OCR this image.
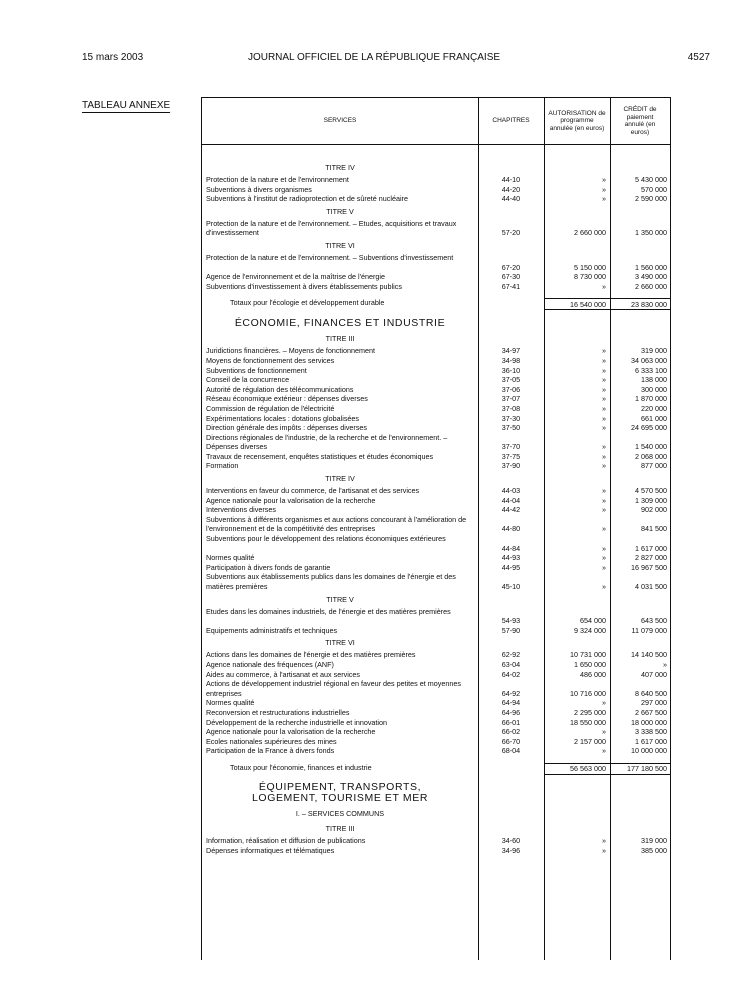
15 mars 2003	JOURNAL OFFICIEL DE LA RÉPUBLIQUE FRANÇAISE	4527
TABLEAU ANNEXE
SERVICES	CHAPITRES
AUTORISATION de programme annulée (en euros)
CRÉDIT de paiement annulé (en euros)
TITRE IV
Protection de la nature et de l'environnement	44-10	»	5 430 000
Subventions à divers organismes	44-20	»	570 000
Subventions à l'institut de radioprotection et de sûreté nucléaire	44-40	»	2 590 000
TITRE V
Protection de la nature et de l'environnement. – Etudes, acquisitions et travaux d'investissement	57-20	2 660 000	1 350 000
TITRE VI
Protection de la nature et de l'environnement. – Subventions d'investissement
67-20	5 150 000	1 560 000
Agence de l'environnement et de la maîtrise de l'énergie	67-30	8 730 000	3 490 000
Subventions d'investissement à divers établissements publics	67-41	»	2 660 000
Totaux pour l'écologie et développement durable	16 540 000	23 830 000
ÉCONOMIE, FINANCES ET INDUSTRIE
TITRE III
Juridictions financières. – Moyens de fonctionnement	34-97	»	319 000
Moyens de fonctionnement des services	34-98	»	34 063 000
Subventions de fonctionnement	36-10	»	6 333 100
Conseil de la concurrence	37-05	»	138 000
Autorité de régulation des télécommunications	37-06	»	300 000
Réseau économique extérieur : dépenses diverses	37-07	»	1 870 000
Commission de régulation de l'électricité	37-08	»	220 000
Expérimentations locales : dotations globalisées	37-30	»	661 000
Direction générale des impôts : dépenses diverses	37-50	»	24 695 000
Directions régionales de l'industrie, de la recherche et de l'environnement. – Dépenses diverses	37-70	»	1 540 000
Travaux de recensement, enquêtes statistiques et études économiques	37-75	»	2 068 000
Formation	37-90	»	877 000
TITRE IV
Interventions en faveur du commerce, de l'artisanat et des services	44-03	»	4 570 500
Agence nationale pour la valorisation de la recherche	44-04	»	1 309 000
Interventions diverses	44-42	»	902 000
Subventions à différents organismes et aux actions concourant à l'amélioration de l'environnement et de la compétitivité des entreprises	44-80	»	841 500
Subventions pour le développement des relations économiques extérieures
44-84	»	1 617 000
Normes qualité	44-93	»	2 827 000
Participation à divers fonds de garantie	44-95	»	16 967 500
Subventions aux établissements publics dans les domaines de l'énergie et des matières premières	45-10	»	4 031 500
TITRE V
Etudes dans les domaines industriels, de l'énergie et des matières premières
54-93	654 000	643 500
Equipements administratifs et techniques	57-90	9 324 000	11 079 000
TITRE VI
Actions dans les domaines de l'énergie et des matières premières	62-92	10 731 000	14 140 500
Agence nationale des fréquences (ANF)	63-04	1 650 000	»
Aides au commerce, à l'artisanat et aux services	64-02	486 000	407 000
Actions de développement industriel régional en faveur des petites et moyennes entreprises	64-92	10 716 000	8 640 500
Normes qualité	64-94	»	297 000
Reconversion et restructurations industrielles	64-96	2 295 000	2 667 500
Développement de la recherche industrielle et innovation	66-01	18 550 000	18 000 000
Agence nationale pour la valorisation de la recherche	66-02	»	3 338 500
Ecoles nationales supérieures des mines	66-70	2 157 000	1 617 000
Participation de la France à divers fonds	68-04	»	10 000 000
Totaux pour l'économie, finances et industrie	56 563 000	177 180 500
ÉQUIPEMENT, TRANSPORTS, LOGEMENT, TOURISME ET MER
I. – SERVICES COMMUNS
TITRE III
Information, réalisation et diffusion de publications	34-60	»	319 000
Dépenses informatiques et télématiques	34-96	»	385 000
